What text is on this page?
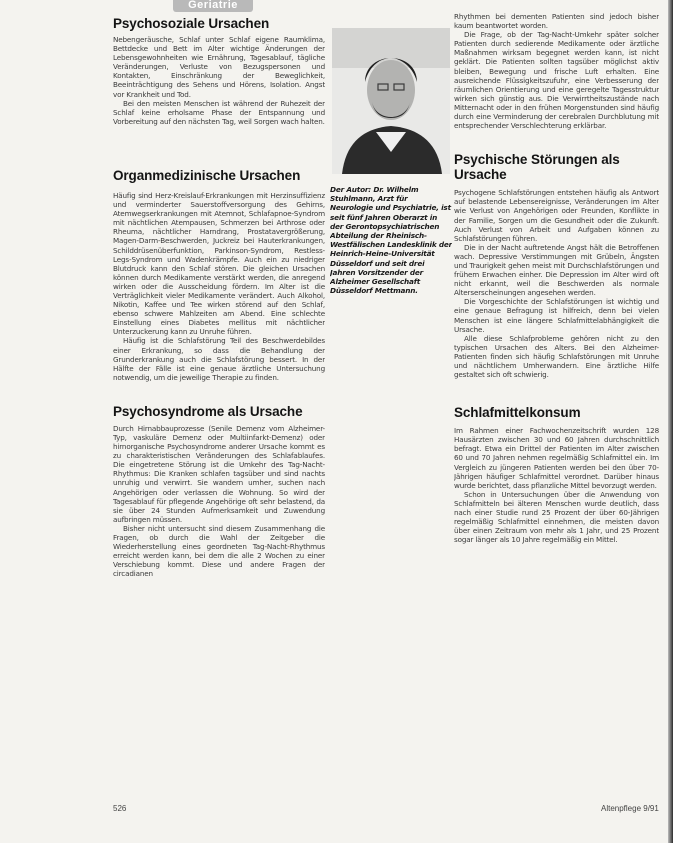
Geriatrie
Psychosoziale Ursachen

Nebengeräusche, Schlaf unter Schlaf eigene Raumklima, Bettdecke und Bett im Alter wichtige Änderungen der Lebensgewohnheiten wie Ernährung, Tagesablauf, tägliche Veränderungen, Verluste von Bezugspersonen und Kontakten, Einschränkung der Beweglichkeit, Beeinträchtigung des Sehens und Hörens, Isolation. Angst vor Krankheit und Tod.

Bei den meisten Menschen ist während der Ruhezeit der Schlaf keine erholsame Phase der Entspannung und Vorbereitung auf den nächsten Tag, weil Sorgen wach halten.

Organmedizinische Ursachen

Häufig sind Herz-Kreislauf-Erkrankungen mit Herzinsuffizienz und verminderter Sauerstoffversorgung des Gehirns, Atemwegserkrankungen mit Atemnot, Schlafapnoe-Syndrom mit nächtlichen Atempausen, Schmerzen bei Arthrose oder Rheuma, nächtlicher Harndrang, Prostatavergrößerung, Magen-Darm-Beschwerden, Juckreiz bei Hauterkrankungen, Schilddrüsenüberfunktion, Parkinson-Syndrom, Restless-Legs-Syndrom und Wadenkrämpfe. Auch ein zu niedriger Blutdruck kann den Schlaf stören. Die gleichen Ursachen können durch Medikamente verstärkt werden, die anregend wirken oder die Ausscheidung fördern. Im Alter ist die Verträglichkeit vieler Medikamente verändert. Auch Alkohol, Nikotin, Kaffee und Tee wirken störend auf den Schlaf, ebenso schwere Mahlzeiten am Abend. Eine schlechte Einstellung eines Diabetes mellitus mit nächtlicher Unterzuckerung kann zu Unruhe führen.

Häufig ist die Schlafstörung Teil des Beschwerdebildes einer Erkrankung, so dass die Behandlung der Grunderkrankung auch die Schlafstörung bessert. In der Hälfte der Fälle ist eine genaue ärztliche Untersuchung notwendig, um die jeweilige Therapie zu finden.

Psychosyndrome als Ursache

Durch Hirnabbauprozesse (Senile Demenz vom Alzheimer-Typ, vaskuläre Demenz oder Multiinfarkt-Demenz) oder hirnorganische Psychosyndrome anderer Ursache kommt es zu charakteristischen Veränderungen des Schlafablaufes. Die eingetretene Störung ist die Umkehr des Tag-Nacht-Rhythmus: Die Kranken schlafen tagsüber und sind nachts unruhig und verwirrt. Sie wandern umher, suchen nach Angehörigen oder verlassen die Wohnung. So wird der Tagesablauf für pflegende Angehörige oft sehr belastend, da sie über 24 Stunden Aufmerksamkeit und Zuwendung aufbringen müssen.

Bisher nicht untersucht sind diesem Zusammenhang die Fragen, ob durch die Wahl der Zeitgeber die Wiederherstellung eines geordneten Tag-Nacht-Rhythmus erreicht werden kann, bei dem die alle 2 Wochen zu einer Verschiebung kommt. Diese und andere Fragen der circadianen

Der Autor: Dr. Wilhelm Stuhlmann, Arzt für Neurologie und Psychiatrie, ist seit fünf Jahren Oberarzt in der Gerontopsychiatrischen Abteilung der Rheinisch-Westfälischen Landesklinik der Heinrich-Heine-Universität Düsseldorf und seit drei Jahren Vorsitzender der Alzheimer Gesellschaft Düsseldorf Mettmann.

Rhythmen bei dementen Patienten sind jedoch bisher kaum beantwortet worden.

Die Frage, ob der Tag-Nacht-Umkehr später solcher Patienten durch sedierende Medikamente oder ärztliche Maßnahmen wirksam begegnet werden kann, ist nicht geklärt. Die Patienten sollten tagsüber möglichst aktiv bleiben, Bewegung und frische Luft erhalten. Eine ausreichende Flüssigkeitszufuhr, eine Verbesserung der räumlichen Orientierung und eine geregelte Tagesstruktur wirken sich günstig aus. Die Verwirrtheitszustände nach Mitternacht oder in den frühen Morgenstunden sind häufig durch eine Verminderung der cerebralen Durchblutung mit entsprechender Verschlechterung erklärbar.

Psychische Störungen als Ursache

Psychogene Schlafstörungen entstehen häufig als Antwort auf belastende Lebensereignisse, Veränderungen im Alter wie Verlust von Angehörigen oder Freunden, Konflikte in der Familie, Sorgen um die Gesundheit oder die Zukunft. Auch Verlust von Arbeit und Aufgaben können zu Schlafstörungen führen.

Die in der Nacht auftretende Angst hält die Betroffenen wach. Depressive Verstimmungen mit Grübeln, Ängsten und Traurigkeit gehen meist mit Durchschlafstörungen und frühem Erwachen einher. Die Depression im Alter wird oft nicht erkannt, weil die Beschwerden als normale Alterserscheinungen angesehen werden.

Die Vorgeschichte der Schlafstörungen ist wichtig und eine genaue Befragung ist hilfreich, denn bei vielen Menschen ist eine längere Schlafmittelabhängigkeit die Ursache.

Alle diese Schlafprobleme gehören nicht zu den typischen Ursachen des Alters. Bei den Alzheimer-Patienten finden sich häufig Schlafstörungen mit Unruhe und nächtlichem Umherwandern. Eine ärztliche Hilfe gestaltet sich oft schwierig.

Schlafmittelkonsum

Im Rahmen einer Fachwochenzeitschrift wurden 128 Hausärzten zwischen 30 und 60 Jahren durchschnittlich befragt. Etwa ein Drittel der Patienten im Alter zwischen 60 und 70 Jahren nehmen regelmäßig Schlafmittel ein. Im Vergleich zu jüngeren Patienten werden bei den über 70-Jährigen häufiger Schlafmittel verordnet. Darüber hinaus wurde berichtet, dass pflanzliche Mittel bevorzugt werden.

Schon in Untersuchungen über die Anwendung von Schlafmitteln bei älteren Menschen wurde deutlich, dass nach einer Studie rund 25 Prozent der über 60-Jährigen regelmäßig Schlafmittel einnehmen, die meisten davon über einen Zeitraum von mehr als 1 Jahr, und 25 Prozent sogar länger als 10 Jahre regelmäßig ein Mittel.

526	Altenpflege 9/91
